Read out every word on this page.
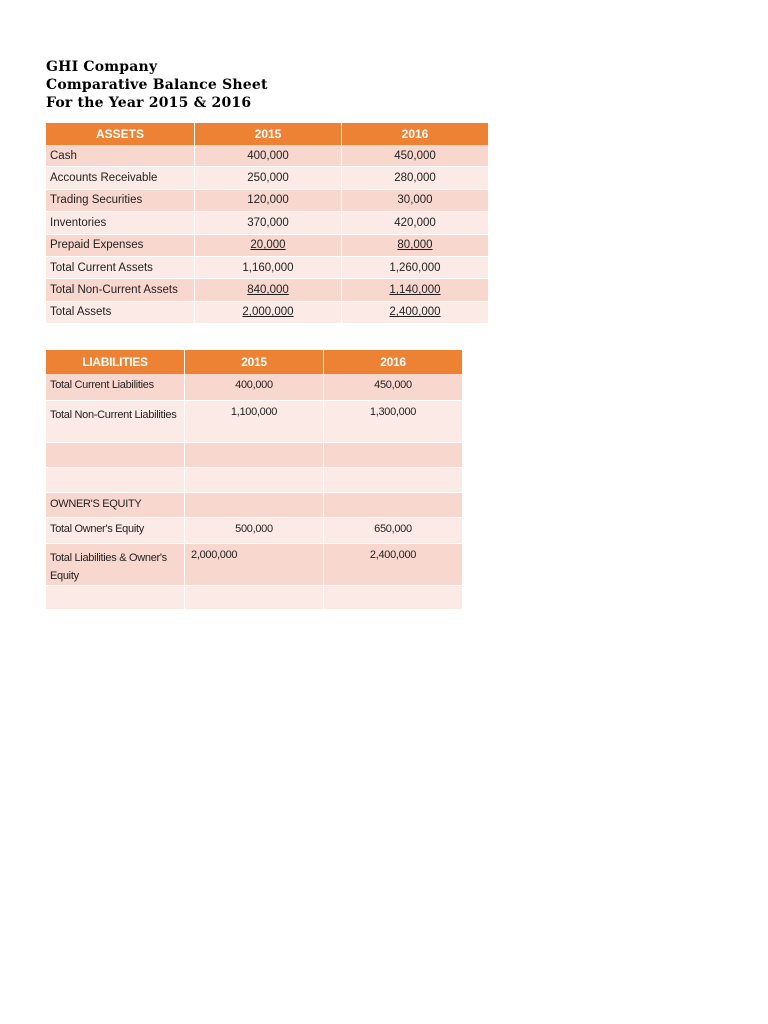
GHI Company
Comparative Balance Sheet
For the Year 2015 & 2016
ASSETS	2015	2016
Cash	400,000	450,000
Accounts Receivable	250,000	280,000
Trading Securities	120,000	30,000
Inventories	370,000	420,000
Prepaid Expenses	20,000	80,000
Total Current Assets	1,160,000	1,260,000
Total Non-Current Assets	840,000	1,140,000
Total Assets	2,000,000	2,400,000
LIABILITIES	2015	2016
Total Current Liabilities	400,000	450,000
Total Non-Current Liabilities	1,100,000	1,300,000

OWNER'S EQUITY		
Total Owner's Equity	500,000	650,000
Total Liabilities & Owner's Equity	2,000,000	2,400,000
